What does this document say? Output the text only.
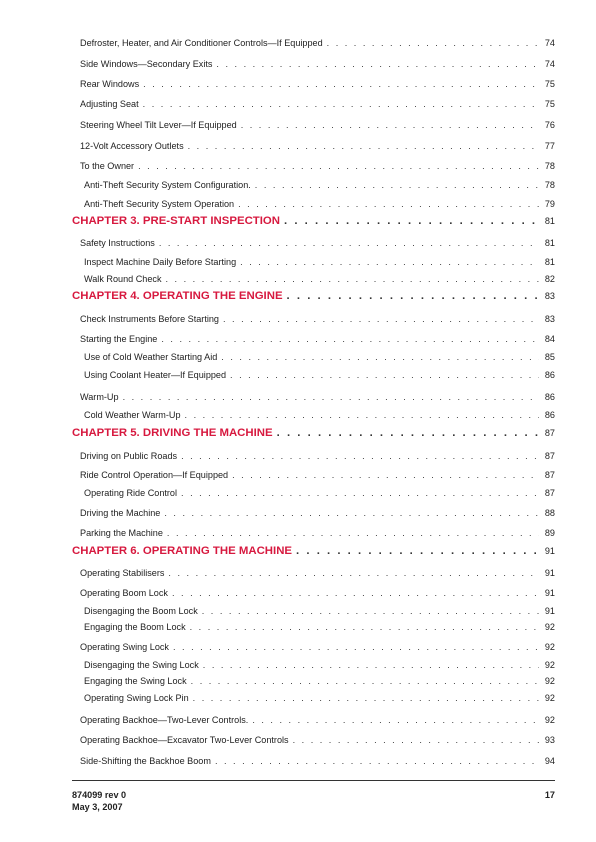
Defroster, Heater, and Air Conditioner Controls—If Equipped . . .	74
Side Windows—Secondary Exits . . .	74
Rear Windows . . .	75
Adjusting Seat . . .	75
Steering Wheel Tilt Lever—If Equipped . . .	76
12-Volt Accessory Outlets . . .	77
To the Owner . . .	78
Anti-Theft Security System Configuration. . . .	78
Anti-Theft Security System Operation . . .	79
CHAPTER 3. PRE-START INSPECTION . . .	81
Safety Instructions . . .	81
Inspect Machine Daily Before Starting . . .	81
Walk Round Check . . .	82
CHAPTER 4. OPERATING THE ENGINE . . .	83
Check Instruments Before Starting . . .	83
Starting the Engine . . .	84
Use of Cold Weather Starting Aid . . .	85
Using Coolant Heater—If Equipped . . .	86
Warm-Up . . .	86
Cold Weather Warm-Up . . .	86
CHAPTER 5. DRIVING THE MACHINE . . .	87
Driving on Public Roads . . .	87
Ride Control Operation—If Equipped . . .	87
Operating Ride Control . . .	87
Driving the Machine . . .	88
Parking the Machine . . .	89
CHAPTER 6. OPERATING THE MACHINE . . .	91
Operating Stabilisers . . .	91
Operating Boom Lock . . .	91
Disengaging the Boom Lock . . .	91
Engaging the Boom Lock . . .	92
Operating Swing Lock . . .	92
Disengaging the Swing Lock . . .	92
Engaging the Swing Lock . . .	92
Operating Swing Lock Pin . . .	92
Operating Backhoe—Two-Lever Controls. . . .	92
Operating Backhoe—Excavator Two-Lever Controls . . .	93
Side-Shifting the Backhoe Boom . . .	94
874099 rev 0
May 3, 2007
17
